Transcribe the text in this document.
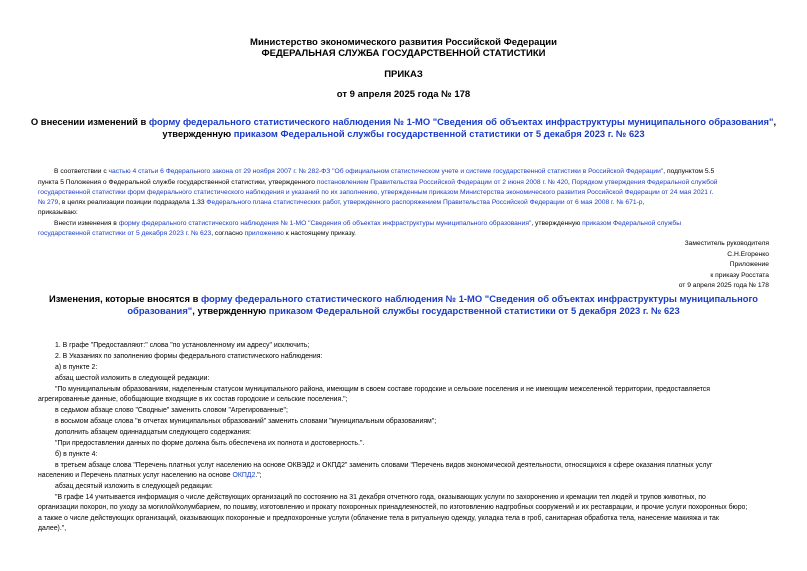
Министерство экономического развития Российской Федерации
ФЕДЕРАЛЬНАЯ СЛУЖБА ГОСУДАРСТВЕННОЙ СТАТИСТИКИ
ПРИКАЗ
от 9 апреля 2025 года № 178
О внесении изменений в форму федерального статистического наблюдения № 1-МО "Сведения об объектах инфраструктуры муниципального образования",
утвержденную приказом Федеральной службы государственной статистики от 5 декабря 2023 г. № 623
В соответствии с частью 4 статьи 6 Федерального закона от 29 ноября 2007 г. № 282-ФЗ "Об официальном статистическом учете и системе государственной статистики в Российской Федерации", подпунктом 5.5
пункта 5 Положения о Федеральной службе государственной статистики, утвержденного постановлением Правительства Российской Федерации от 2 июня 2008 г. № 420, Порядком утверждения Федеральной службой
государственной статистики форм федерального статистического наблюдения и указаний по их заполнению, утвержденным приказом Министерства экономического развития Российской Федерации от 24 мая 2021 г.
№ 279, в целях реализации позиции подраздела 1.33 Федерального плана статистических работ, утвержденного распоряжением Правительства Российской Федерации от 6 мая 2008 г. № 671-р,
приказываю:
Внести изменения в форму федерального статистического наблюдения № 1-МО "Сведения об объектах инфраструктуры муниципального образования", утвержденную приказом Федеральной службы
государственной статистики от 5 декабря 2023 г. № 623, согласно приложению к настоящему приказу.
Заместитель руководителя
С.Н.Егоренко
Приложение
к приказу Росстата
от 9 апреля 2025 года № 178
Изменения, которые вносятся в форму федерального статистического наблюдения № 1-МО "Сведения об объектах инфраструктуры муниципального
образования", утвержденную приказом Федеральной службы государственной статистики от 5 декабря 2023 г. № 623
1. В графе "Предоставляют:" слова "по установленному им адресу" исключить;
2. В Указаниях по заполнению формы федерального статистического наблюдения:
а) в пункте 2:
абзац шестой изложить в следующей редакции:
"По муниципальным образованиям, наделенным статусом муниципального района, имеющим в своем составе городские и сельские поселения и не имеющим межселенной территории, предоставляется
агрегированные данные, обобщающие входящие в их состав городские и сельские поселения.";
в седьмом абзаце слово "Сводные" заменить словом "Агрегированные";
в восьмом абзаце слова "в отчетах муниципальных образований" заменить словами "муниципальным образованиям";
дополнить абзацем одиннадцатым следующего содержания:
"При предоставлении данных по форме должна быть обеспечена их полнота и достоверность.".
б) в пункте 4:
в третьем абзаце слова "Перечень платных услуг населению на основе ОКВЭД2 и ОКПД2" заменить словами "Перечень видов экономической деятельности, относящихся к сфере оказания платных услуг
населению и Перечень платных услуг населению на основе ОКПД2.";
абзац десятый изложить в следующей редакции:
"В графе 14 учитывается информация о числе действующих организаций по состоянию на 31 декабря отчетного года, оказывающих услуги по захоронению и кремации тел людей и трупов животных, по
организации похорон, по уходу за могилой/колумбарием, по пошиву, изготовлению и прокату похоронных принадлежностей, по изготовлению надгробных сооружений и их реставрации, и прочие услуги похоронных бюро;
а также о числе действующих организаций, оказывающих похоронные и предпохоронные услуги (облачение тела в ритуальную одежду, укладка тела в гроб, санитарная обработка тела, нанесение макияжа и так
далее).",
